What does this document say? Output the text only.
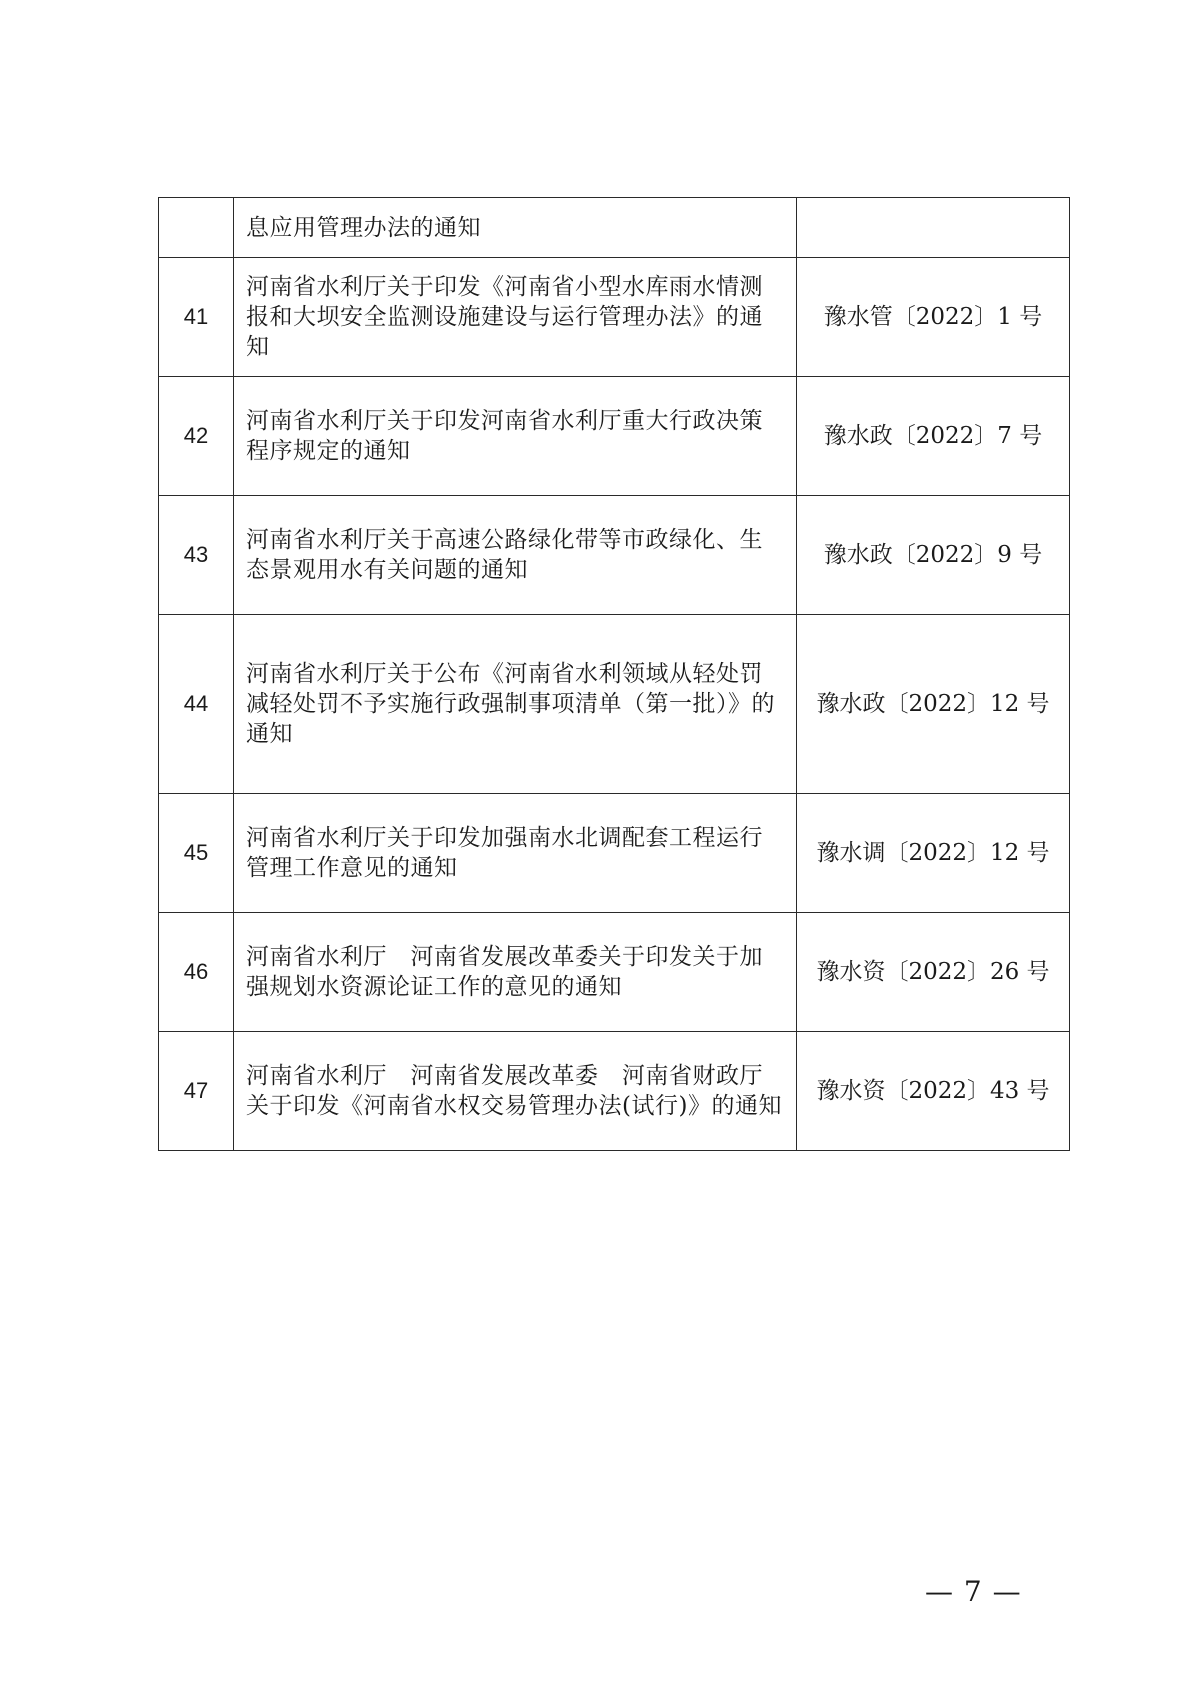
	息应用管理办法的通知	

41	河南省水利厅关于印发《河南省小型水库雨水情测报和大坝安全监测设施建设与运行管理办法》的通知	豫水管〔2022〕1 号
42	河南省水利厅关于印发河南省水利厅重大行政决策程序规定的通知	豫水政〔2022〕7 号
43	河南省水利厅关于高速公路绿化带等市政绿化、生态景观用水有关问题的通知	豫水政〔2022〕9 号
44	河南省水利厅关于公布《河南省水利领域从轻处罚减轻处罚不予实施行政强制事项清单（第一批）》的通知	豫水政〔2022〕12 号
45	河南省水利厅关于印发加强南水北调配套工程运行管理工作意见的通知	豫水调〔2022〕12 号
46	河南省水利厅　河南省发展改革委关于印发关于加强规划水资源论证工作的意见的通知	豫水资〔2022〕26 号
47	河南省水利厅　河南省发展改革委　河南省财政厅关于印发《河南省水权交易管理办法(试行)》的通知	豫水资〔2022〕43 号
— 7 —
